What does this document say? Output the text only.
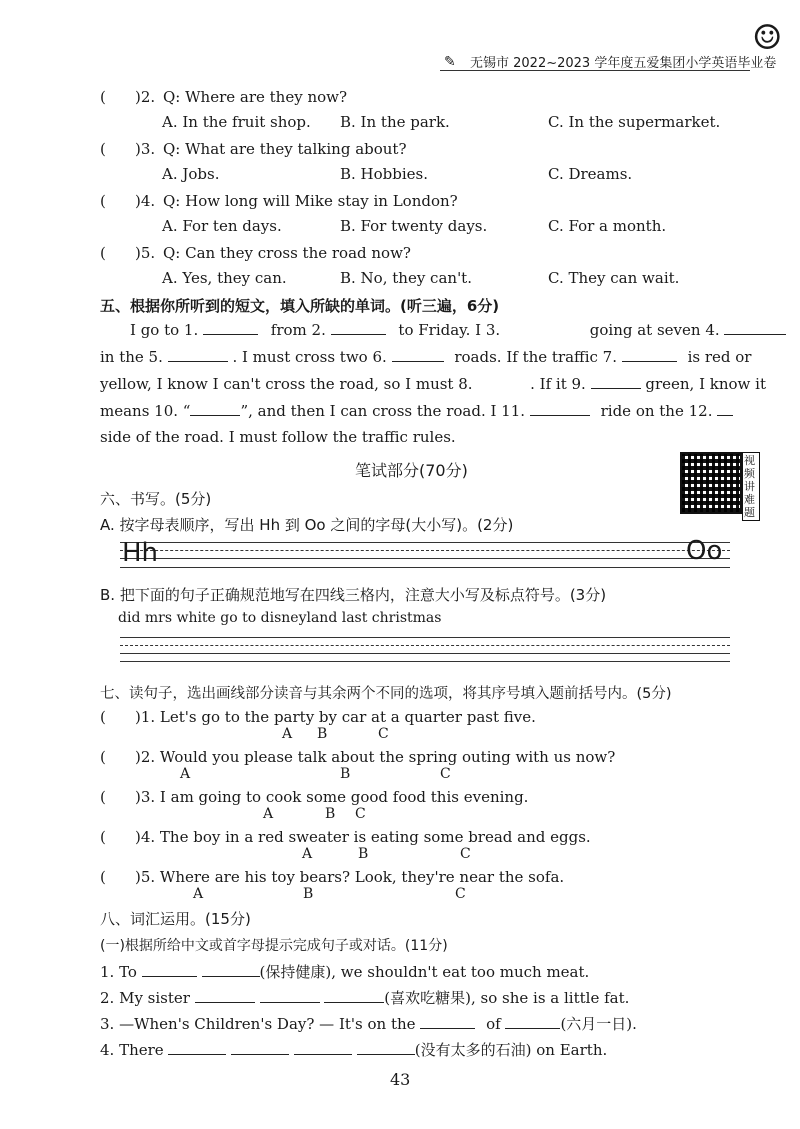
无锡市 2022~2023 学年度五爱集团小学英语毕业卷
✎
☺
( )2. Q: Where are they now?
A. In the fruit shop. B. In the park.	C. In the supermarket.
( )3. Q: What are they talking about?
A. Jobs.	B. Hobbies.	C. Dreams.
( )4. Q: How long will Mike stay in London?
A. For ten days.	B. For twenty days.	C. For a month.
( )5. Q: Can they cross the road now?
A. Yes, they can.	B. No, they can't.	C. They can wait.
五、根据你所听到的短文，填入所缺的单词。(听三遍，6分)
I go to 1.	from 2.	to Friday. I 3.	going at seven 4.
in the 5.	. I must cross two 6.	roads. If the traffic 7.	is red or
yellow, I know I can't cross the road, so I must 8.	. If it 9.	green, I know it
means 10. “	”, and then I can cross the road. I 11.	ride on the 12.
side of the road. I must follow the traffic rules.
笔试部分(70分)
视频讲难题
六、书写。(5分)
A. 按字母表顺序，写出 Hh 到 Oo 之间的字母(大小写)。(2分)
Hh	Oo
B. 把下面的句子正确规范地写在四线三格内，注意大小写及标点符号。(3分)
did mrs white go to disneyland last christmas
七、读句子，选出画线部分读音与其余两个不同的选项，将其序号填入题前括号内。(5分)
( )1. Let's go to the party by car at a quarter past five.
A B	C
( )2. Would you please talk about the spring outing with us now?
A	B	C
( )3. I am going to cook some good food this evening.
A	B C
( )4. The boy in a red sweater is eating some bread and eggs.
A	B	C
( )5. Where are his toy bears? Look, they're near the sofa.
A	B	C
八、词汇运用。(15分)
(一)根据所给中文或首字母提示完成句子或对话。(11分)
1. To	(保持健康), we shouldn't eat too much meat.
2. My sister	(喜欢吃糖果), so she is a little fat.
3. —When's Children's Day? — It's on the	of	(六月一日).
4. There	(没有太多的石油) on Earth.
43
